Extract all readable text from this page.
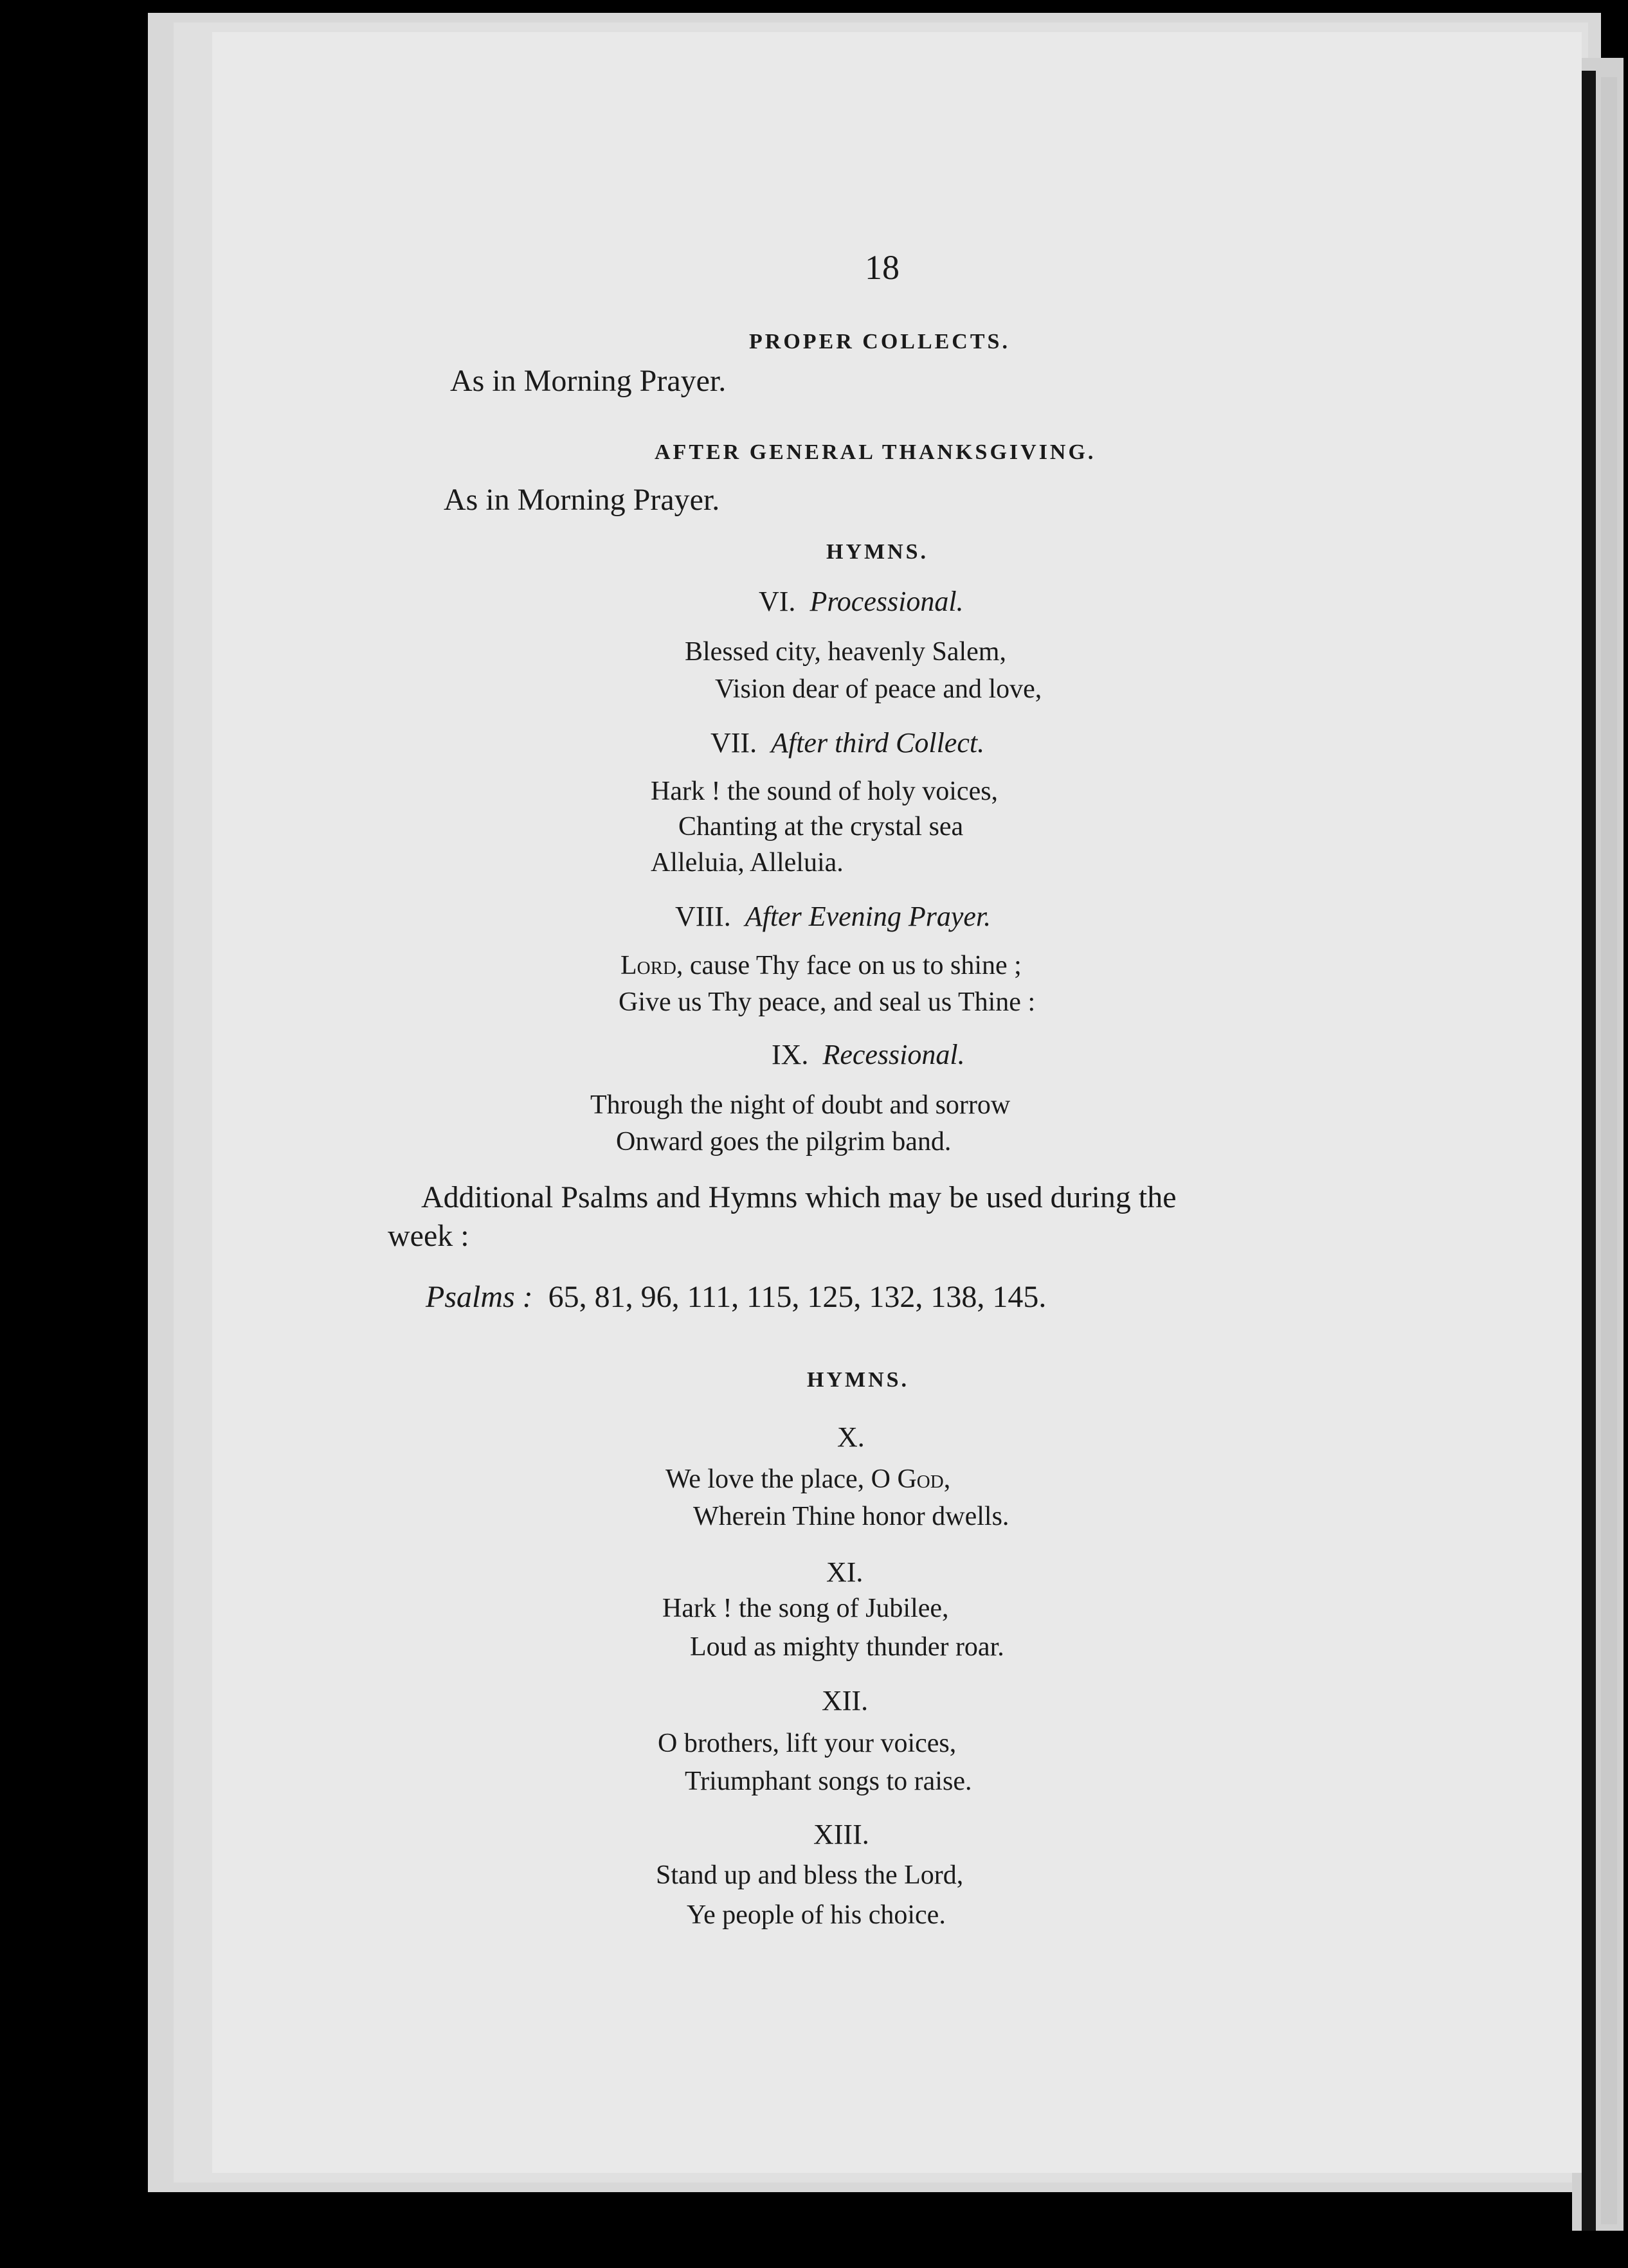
18
PROPER COLLECTS.
As in Morning Prayer.
AFTER GENERAL THANKSGIVING.
As in Morning Prayer.
HYMNS.
VI. Processional.
Blessed city, heavenly Salem,
Vision dear of peace and love,
VII. After third Collect.
Hark ! the sound of holy voices,
Chanting at the crystal sea
Alleluia, Alleluia.
VIII. After Evening Prayer.
Lord, cause Thy face on us to shine ;
Give us Thy peace, and seal us Thine :
IX. Recessional.
Through the night of doubt and sorrow
Onward goes the pilgrim band.
Additional Psalms and Hymns which may be used during the
week :
Psalms : 65, 81, 96, 111, 115, 125, 132, 138, 145.
HYMNS.
X.
We love the place, O God,
Wherein Thine honor dwells.
XI.
Hark ! the song of Jubilee,
Loud as mighty thunder roar.
XII.
O brothers, lift your voices,
Triumphant songs to raise.
XIII.
Stand up and bless the Lord,
Ye people of his choice.
